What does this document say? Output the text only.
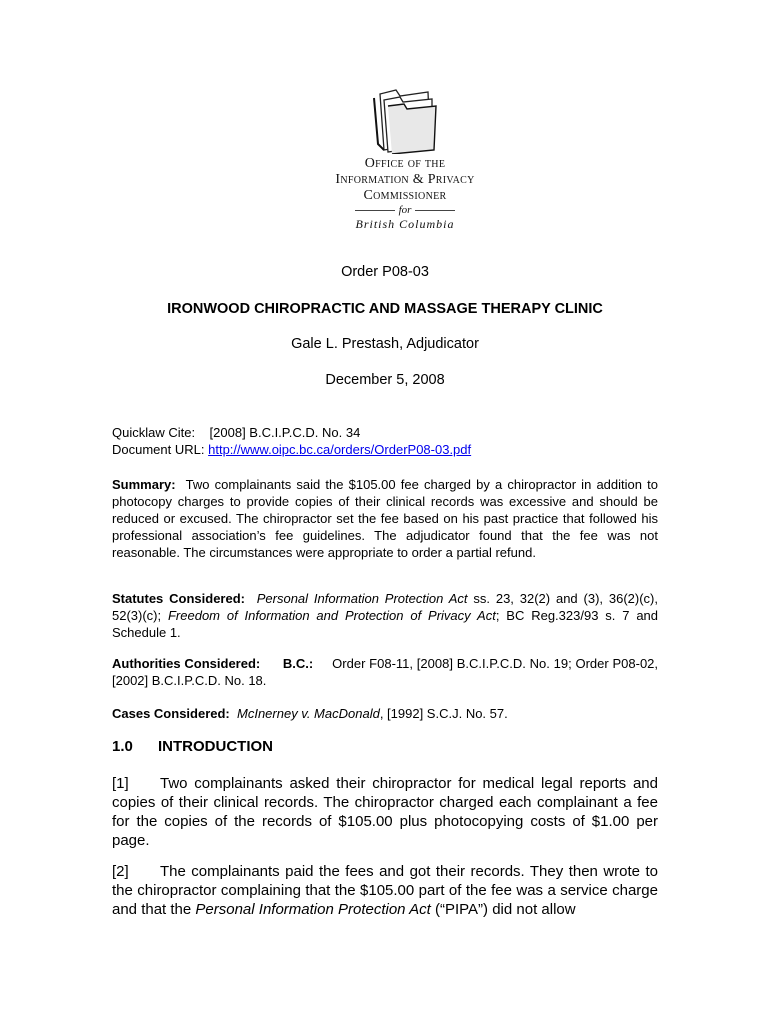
Office of the
Information & Privacy
Commissioner
for
British Columbia
Order P08-03
IRONWOOD CHIROPRACTIC AND MASSAGE THERAPY CLINIC
Gale L. Prestash, Adjudicator
December 5, 2008
Quicklaw Cite: [2008] B.C.I.P.C.D. No. 34
Document URL: http://www.oipc.bc.ca/orders/OrderP08-03.pdf
Summary: Two complainants said the $105.00 fee charged by a chiropractor in addition to photocopy charges to provide copies of their clinical records was excessive and should be reduced or excused. The chiropractor set the fee based on his past practice that followed his professional association’s fee guidelines. The adjudicator found that the fee was not reasonable. The circumstances were appropriate to order a partial refund.
Statutes Considered: Personal Information Protection Act ss. 23, 32(2) and (3), 36(2)(c), 52(3)(c); Freedom of Information and Protection of Privacy Act; BC Reg.323/93 s. 7 and Schedule 1.
Authorities Considered: B.C.: Order F08-11, [2008] B.C.I.P.C.D. No. 19; Order P08-02, [2002] B.C.I.P.C.D. No. 18.
Cases Considered: McInerney v. MacDonald, [1992] S.C.J. No. 57.
1.0 INTRODUCTION
[1] Two complainants asked their chiropractor for medical legal reports and copies of their clinical records. The chiropractor charged each complainant a fee for the copies of the records of $105.00 plus photocopying costs of $1.00 per page.
[2] The complainants paid the fees and got their records. They then wrote to the chiropractor complaining that the $105.00 part of the fee was a service charge and that the Personal Information Protection Act (“PIPA”) did not allow
